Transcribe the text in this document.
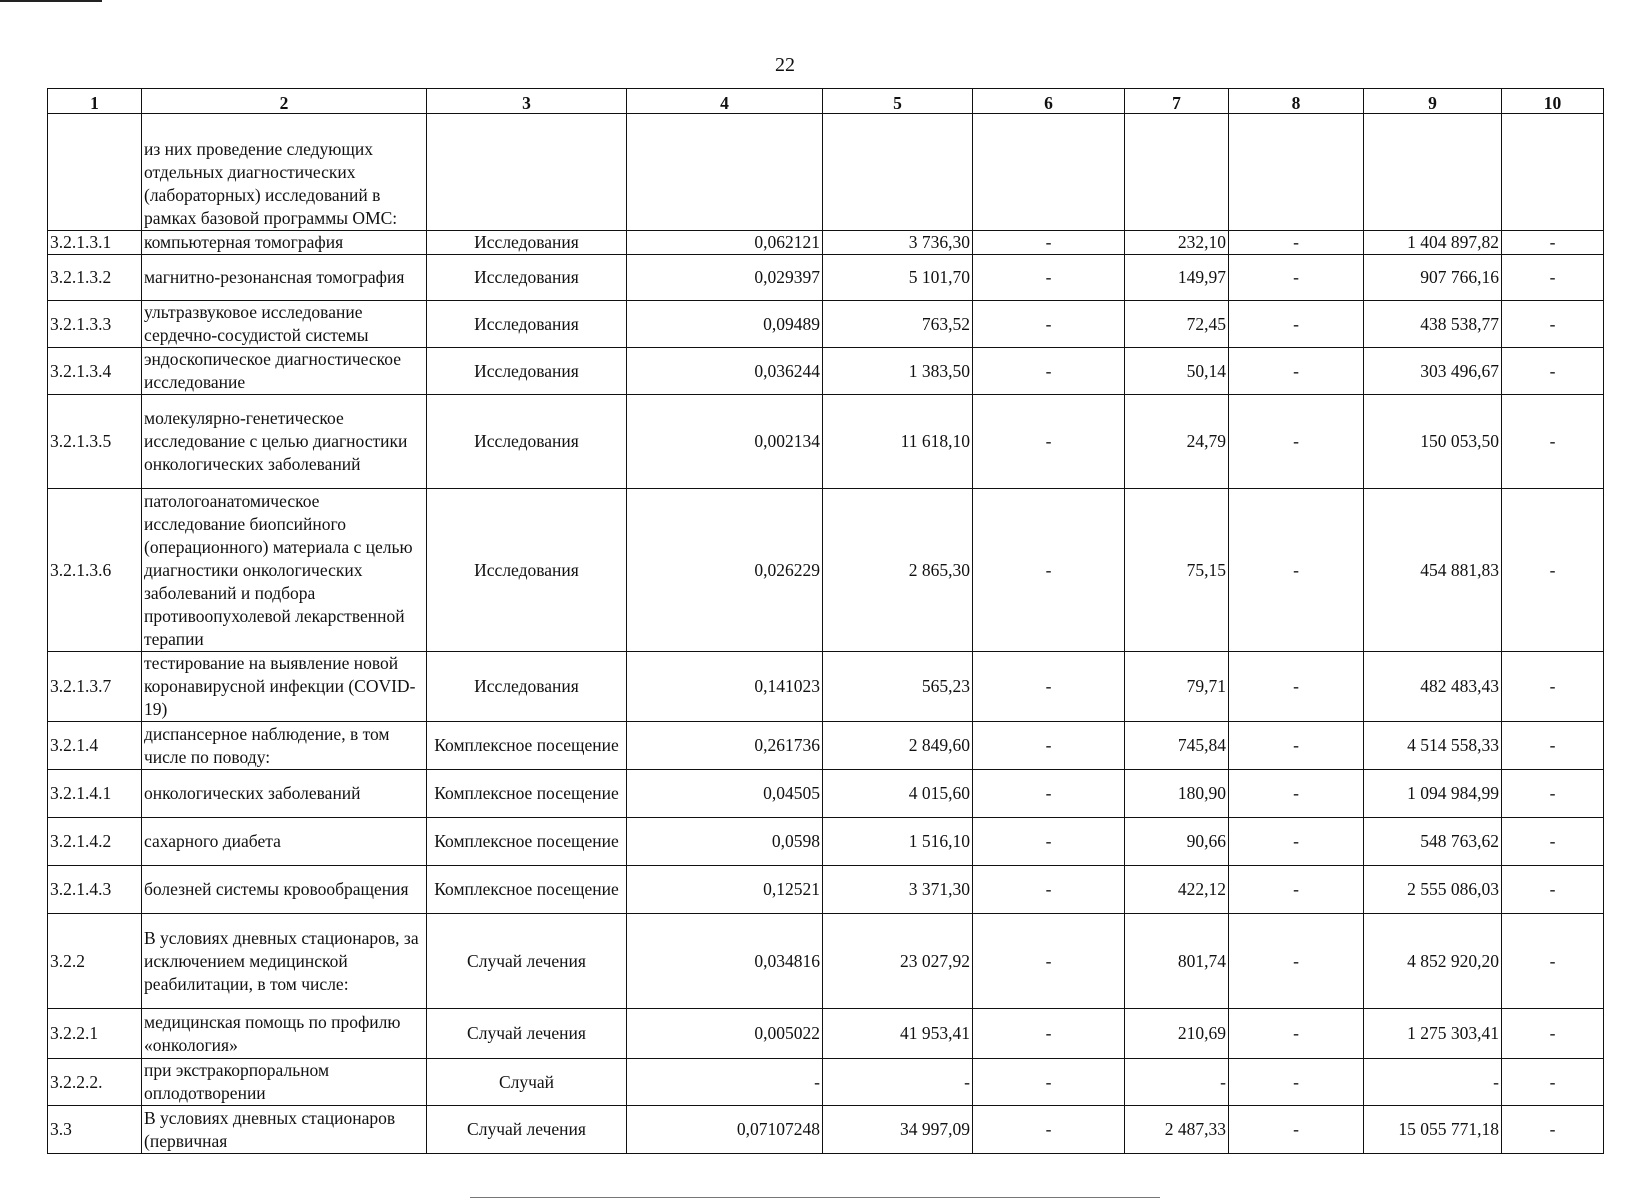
22
1	2	3	4	5	6	7	8	9	10
	из них проведение следующих отдельных диагностических (лабораторных) исследований в рамках базовой программы ОМС:								
3.2.1.3.1	компьютерная томография	Исследования	0,062121	3 736,30	-	232,10	-	1 404 897,82	-
3.2.1.3.2	магнитно-резонансная томография	Исследования	0,029397	5 101,70	-	149,97	-	907 766,16	-
3.2.1.3.3	ультразвуковое исследование сердечно-сосудистой системы	Исследования	0,09489	763,52	-	72,45	-	438 538,77	-
3.2.1.3.4	эндоскопическое диагностическое исследование	Исследования	0,036244	1 383,50	-	50,14	-	303 496,67	-
3.2.1.3.5	молекулярно-генетическое исследование с целью диагностики онкологических заболеваний	Исследования	0,002134	11 618,10	-	24,79	-	150 053,50	-
3.2.1.3.6	патологоанатомическое исследование биопсийного (операционного) материала с целью диагностики онкологических заболеваний и подбора противоопухолевой лекарственной терапии	Исследования	0,026229	2 865,30	-	75,15	-	454 881,83	-
3.2.1.3.7	тестирование на выявление новой коронавирусной инфекции (COVID-19)	Исследования	0,141023	565,23	-	79,71	-	482 483,43	-
3.2.1.4	диспансерное наблюдение, в том числе по поводу:	Комплексное посещение	0,261736	2 849,60	-	745,84	-	4 514 558,33	-
3.2.1.4.1	онкологических заболеваний	Комплексное посещение	0,04505	4 015,60	-	180,90	-	1 094 984,99	-
3.2.1.4.2	сахарного диабета	Комплексное посещение	0,0598	1 516,10	-	90,66	-	548 763,62	-
3.2.1.4.3	болезней системы кровообращения	Комплексное посещение	0,12521	3 371,30	-	422,12	-	2 555 086,03	-
3.2.2	В условиях дневных стационаров, за исключением медицинской реабилитации, в том числе:	Случай лечения	0,034816	23 027,92	-	801,74	-	4 852 920,20	-
3.2.2.1	медицинская помощь по профилю «онкология»	Случай лечения	0,005022	41 953,41	-	210,69	-	1 275 303,41	-
3.2.2.2.	при экстракорпоральном оплодотворении	Случай	-	-	-	-	-	-	-
3.3	В условиях дневных стационаров (первичная	Случай лечения	0,07107248	34 997,09	-	2 487,33	-	15 055 771,18	-
